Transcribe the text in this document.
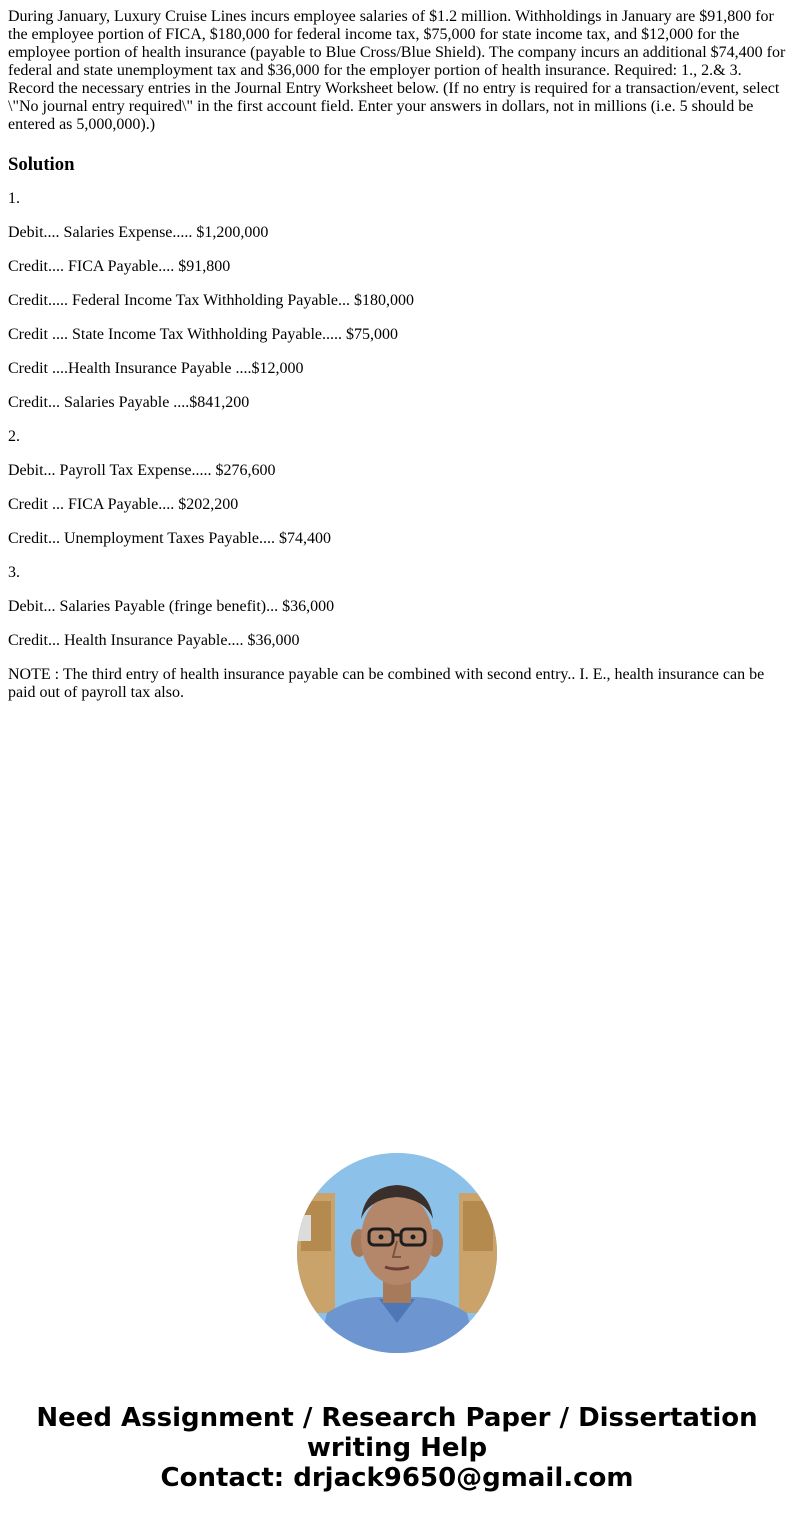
During January, Luxury Cruise Lines incurs employee salaries of $1.2 million. Withholdings in January are $91,800 for the employee portion of FICA, $180,000 for federal income tax, $75,000 for state income tax, and $12,000 for the employee portion of health insurance (payable to Blue Cross/Blue Shield). The company incurs an additional $74,400 for federal and state unemployment tax and $36,000 for the employer portion of health insurance. Required: 1., 2.& 3. Record the necessary entries in the Journal Entry Worksheet below. (If no entry is required for a transaction/event, select \"No journal entry required\" in the first account field. Enter your answers in dollars, not in millions (i.e. 5 should be entered as 5,000,000).)

Solution

1.

Debit.... Salaries Expense..... $1,200,000

Credit.... FICA Payable.... $91,800

Credit..... Federal Income Tax Withholding Payable... $180,000

Credit .... State Income Tax Withholding Payable..... $75,000

Credit ....Health Insurance Payable ....$12,000

Credit... Salaries Payable ....$841,200

2.

Debit... Payroll Tax Expense..... $276,600

Credit ... FICA Payable.... $202,200

Credit... Unemployment Taxes Payable.... $74,400

3.

Debit... Salaries Payable (fringe benefit)... $36,000

Credit... Health Insurance Payable.... $36,000

NOTE : The third entry of health insurance payable can be combined with second entry.. I. E., health insurance can be paid out of payroll tax also.

Need Assignment / Research Paper / Dissertation
writing Help
Contact: drjack9650@gmail.com
